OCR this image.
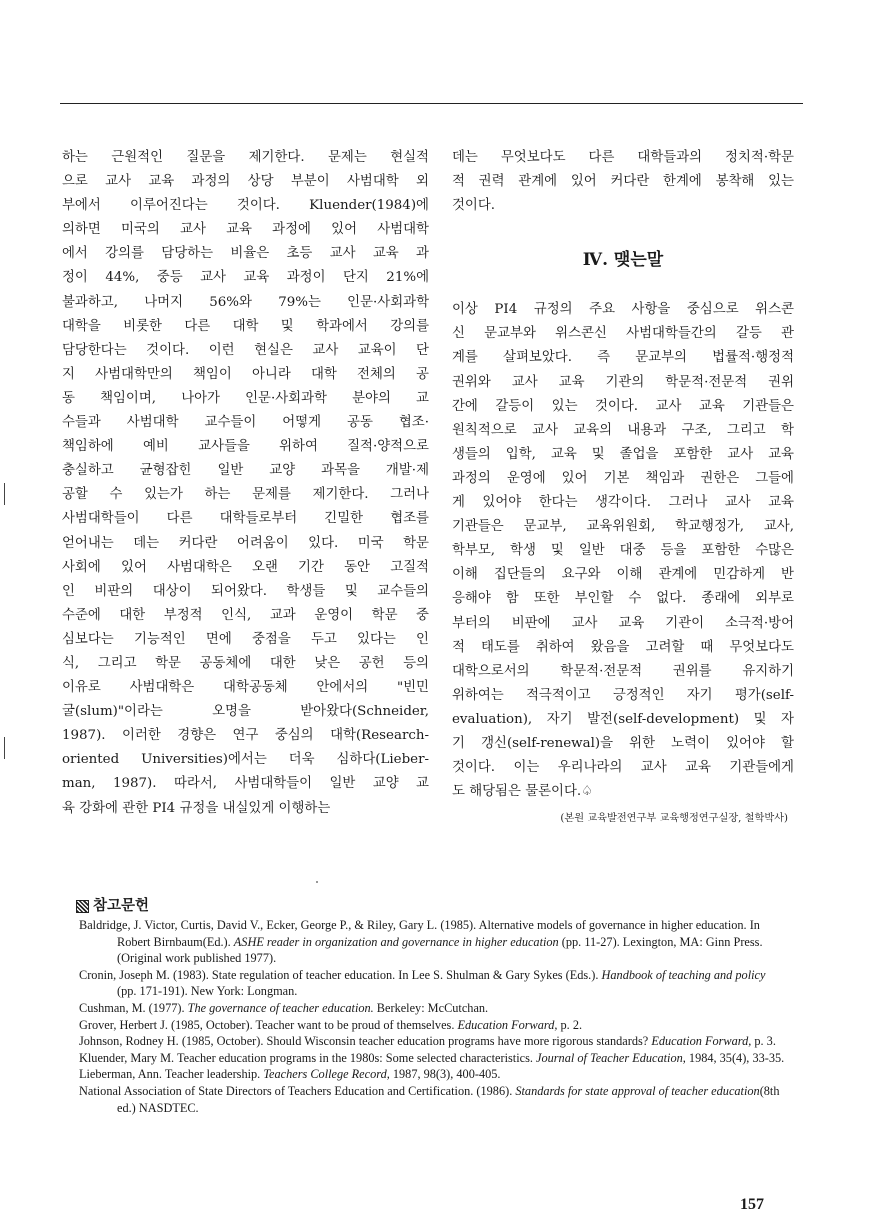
하는 근원적인 질문을 제기한다. 문제는 현실적
으로 교사 교육 과정의 상당 부분이 사범대학 외
부에서 이루어진다는 것이다. Kluender(1984)에
의하면 미국의 교사 교육 과정에 있어 사범대학
에서 강의를 담당하는 비율은 초등 교사 교육 과
정이 44%, 중등 교사 교육 과정이 단지 21%에
불과하고, 나머지 56%와 79%는 인문·사회과학
대학을 비롯한 다른 대학 및 학과에서 강의를
담당한다는 것이다. 이런 현실은 교사 교육이 단
지 사범대학만의 책임이 아니라 대학 전체의 공
동 책임이며, 나아가 인문·사회과학 분야의 교
수들과 사범대학 교수들이 어떻게 공동 협조·
책임하에 예비 교사들을 위하여 질적·양적으로
충실하고 균형잡힌 일반 교양 과목을 개발·제
공할 수 있는가 하는 문제를 제기한다. 그러나
사범대학들이 다른 대학들로부터 긴밀한 협조를
얻어내는 데는 커다란 어려움이 있다. 미국 학문
사회에 있어 사범대학은 오랜 기간 동안 고질적
인 비판의 대상이 되어왔다. 학생들 및 교수들의
수준에 대한 부정적 인식, 교과 운영이 학문 중
심보다는 기능적인 면에 중점을 두고 있다는 인
식, 그리고 학문 공동체에 대한 낮은 공헌 등의
이유로 사범대학은 대학공동체 안에서의 "빈민
굴(slum)"이라는 오명을 받아왔다(Schneider,
1987). 이러한 경향은 연구 중심의 대학(Research-
oriented Universities)에서는 더욱 심하다(Lieber-
man, 1987). 따라서, 사범대학들이 일반 교양 교
육 강화에 관한 PI4 규정을 내실있게 이행하는
데는 무엇보다도 다른 대학들과의 정치적·학문
적 권력 관계에 있어 커다란 한계에 봉착해 있는
것이다.
Ⅳ. 맺는말
이상 PI4 규정의 주요 사항을 중심으로 위스콘
신 문교부와 위스콘신 사범대학들간의 갈등 관
계를 살펴보았다. 즉 문교부의 법률적·행정적
권위와 교사 교육 기관의 학문적·전문적 권위
간에 갈등이 있는 것이다. 교사 교육 기관들은
원칙적으로 교사 교육의 내용과 구조, 그리고 학
생들의 입학, 교육 및 졸업을 포함한 교사 교육
과정의 운영에 있어 기본 책임과 권한은 그들에
게 있어야 한다는 생각이다. 그러나 교사 교육
기관들은 문교부, 교육위원회, 학교행정가, 교사,
학부모, 학생 및 일반 대중 등을 포함한 수많은
이해 집단들의 요구와 이해 관계에 민감하게 반
응해야 함 또한 부인할 수 없다. 종래에 외부로
부터의 비판에 교사 교육 기관이 소극적·방어
적 태도를 취하여 왔음을 고려할 때 무엇보다도
대학으로서의 학문적·전문적 권위를 유지하기
위하여는 적극적이고 긍정적인 자기 평가(self-
evaluation), 자기 발전(self-development) 및 자
기 갱신(self-renewal)을 위한 노력이 있어야 할
것이다. 이는 우리나라의 교사 교육 기관들에게
도 해당됨은 물론이다.♤
(본원 교육발전연구부 교육행정연구실장, 철학박사)
참고문헌

Baldridge, J. Victor, Curtis, David V., Ecker, George P., & Riley, Gary L. (1985). Alternative models of governance in higher education. In Robert Birnbaum(Ed.). ASHE reader in organization and governance in higher education (pp. 11-27). Lexington, MA: Ginn Press. (Original work published 1977).

Cronin, Joseph M. (1983). State regulation of teacher education. In Lee S. Shulman & Gary Sykes (Eds.). Handbook of teaching and policy (pp. 171-191). New York: Longman.

Cushman, M. (1977). The governance of teacher education. Berkeley: McCutchan.

Grover, Herbert J. (1985, October). Teacher want to be proud of themselves. Education Forward, p. 2.

Johnson, Rodney H. (1985, October). Should Wisconsin teacher education programs have more rigorous standards? Education Forward, p. 3.

Kluender, Mary M. Teacher education programs in the 1980s: Some selected characteristics. Journal of Teacher Education, 1984, 35(4), 33-35.

Lieberman, Ann. Teacher leadership. Teachers College Record, 1987, 98(3), 400-405.

National Association of State Directors of Teachers Education and Certification. (1986). Standards for state approval of teacher education(8th ed.) NASDTEC.

157
